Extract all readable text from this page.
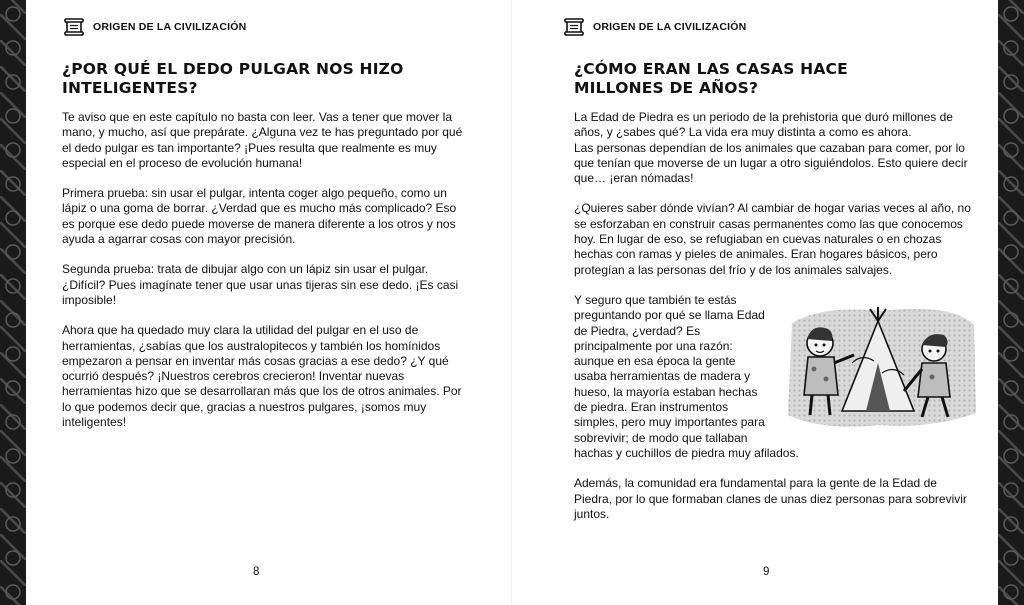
ORIGEN DE LA CIVILIZACIÓN
¿POR QUÉ EL DEDO PULGAR NOS HIZO INTELIGENTES?

Te aviso que en este capítulo no basta con leer. Vas a tener que mover la mano, y mucho, así que prepárate. ¿Alguna vez te has preguntado por qué el dedo pulgar es tan importante? ¡Pues resulta que realmente es muy especial en el proceso de evolución humana!

Primera prueba: sin usar el pulgar, intenta coger algo pequeño, como un lápiz o una goma de borrar. ¿Verdad que es mucho más complicado? Eso es porque ese dedo puede moverse de manera diferente a los otros y nos ayuda a agarrar cosas con mayor precisión.

Segunda prueba: trata de dibujar algo con un lápiz sin usar el pulgar. ¿Difícil? Pues imagínate tener que usar unas tijeras sin ese dedo. ¡Es casi imposible!

Ahora que ha quedado muy clara la utilidad del pulgar en el uso de herramientas, ¿sabías que los australopitecos y también los homínidos empezaron a pensar en inventar más cosas gracias a ese dedo? ¿Y qué ocurrió después? ¡Nuestros cerebros crecieron! Inventar nuevas herramientas hizo que se desarrollaran más que los de otros animales. Por lo que podemos decir que, gracias a nuestros pulgares, ¡somos muy inteligentes!

8
ORIGEN DE LA CIVILIZACIÓN
¿CÓMO ERAN LAS CASAS HACE MILLONES DE AÑOS?

La Edad de Piedra es un periodo de la prehistoria que duró millones de años, y ¿sabes qué? La vida era muy distinta a como es ahora.

Las personas dependían de los animales que cazaban para comer, por lo que tenían que moverse de un lugar a otro siguiéndolos. Esto quiere decir que… ¡eran nómadas!

¿Quieres saber dónde vivían? Al cambiar de hogar varias veces al año, no se esforzaban en construir casas permanentes como las que conocemos hoy. En lugar de eso, se refugiaban en cuevas naturales o en chozas hechas con ramas y pieles de animales. Eran hogares básicos, pero protegían a las personas del frío y de los animales salvajes.

Y seguro que también te estás preguntando por qué se llama Edad de Piedra, ¿verdad? Es principalmente por una razón: aunque en esa época la gente usaba herramientas de madera y hueso, la mayoría estaban hechas de piedra. Eran instrumentos simples, pero muy importantes para sobrevivir; de modo que tallaban hachas y cuchillos de piedra muy afilados.

Además, la comunidad era fundamental para la gente de la Edad de Piedra, por lo que formaban clanes de unas diez personas para sobrevivir juntos.

9
